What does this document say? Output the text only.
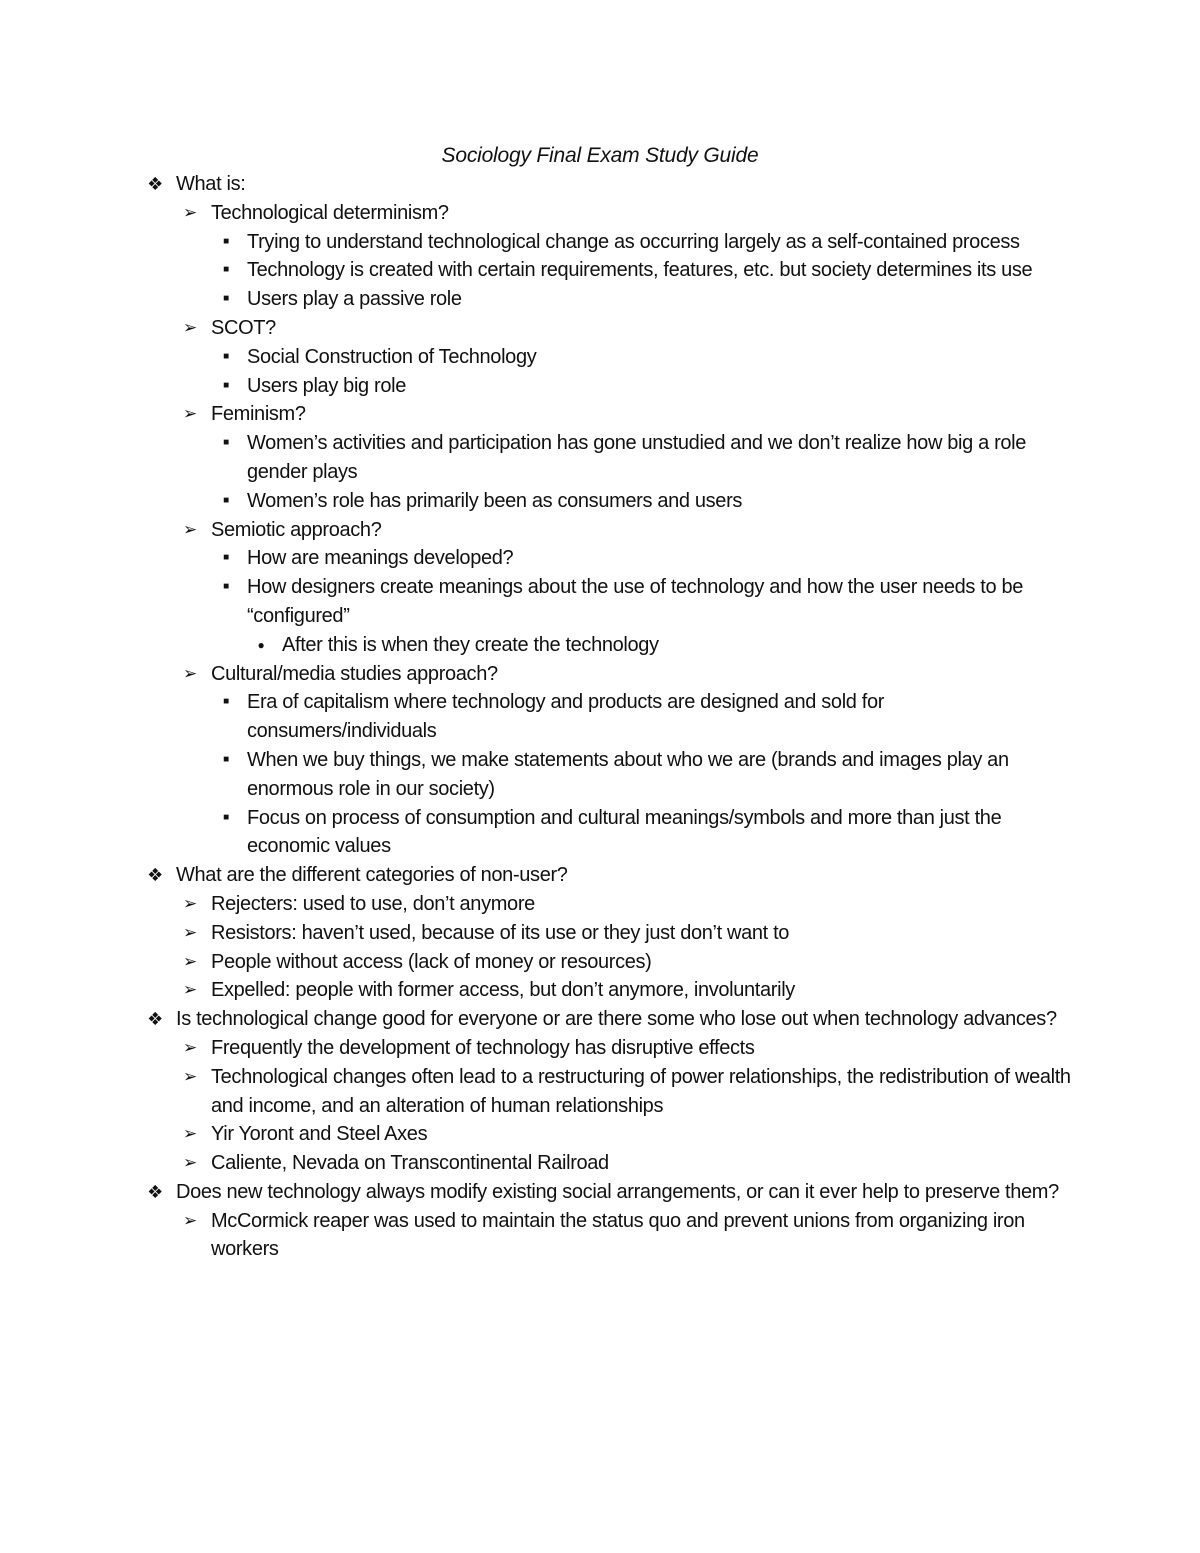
Sociology Final Exam Study Guide
❖ What is:
➢ Technological determinism?
■ Trying to understand technological change as occurring largely as a self-contained process
■ Technology is created with certain requirements, features, etc. but society determines its use
■ Users play a passive role
➢ SCOT?
■ Social Construction of Technology
■ Users play big role
➢ Feminism?
■ Women’s activities and participation has gone unstudied and we don’t realize how big a role gender plays
■ Women’s role has primarily been as consumers and users
➢ Semiotic approach?
■ How are meanings developed?
■ How designers create meanings about the use of technology and how the user needs to be “configured”
● After this is when they create the technology
➢ Cultural/media studies approach?
■ Era of capitalism where technology and products are designed and sold for consumers/individuals
■ When we buy things, we make statements about who we are (brands and images play an enormous role in our society)
■ Focus on process of consumption and cultural meanings/symbols and more than just the economic values
❖ What are the different categories of non-user?
➢ Rejecters: used to use, don’t anymore
➢ Resistors: haven’t used, because of its use or they just don’t want to
➢ People without access (lack of money or resources)
➢ Expelled: people with former access, but don’t anymore, involuntarily
❖ Is technological change good for everyone or are there some who lose out when technology advances?
➢ Frequently the development of technology has disruptive effects
➢ Technological changes often lead to a restructuring of power relationships, the redistribution of wealth and income, and an alteration of human relationships
➢ Yir Yoront and Steel Axes
➢ Caliente, Nevada on Transcontinental Railroad
❖ Does new technology always modify existing social arrangements, or can it ever help to preserve them?
➢ McCormick reaper was used to maintain the status quo and prevent unions from organizing iron workers
